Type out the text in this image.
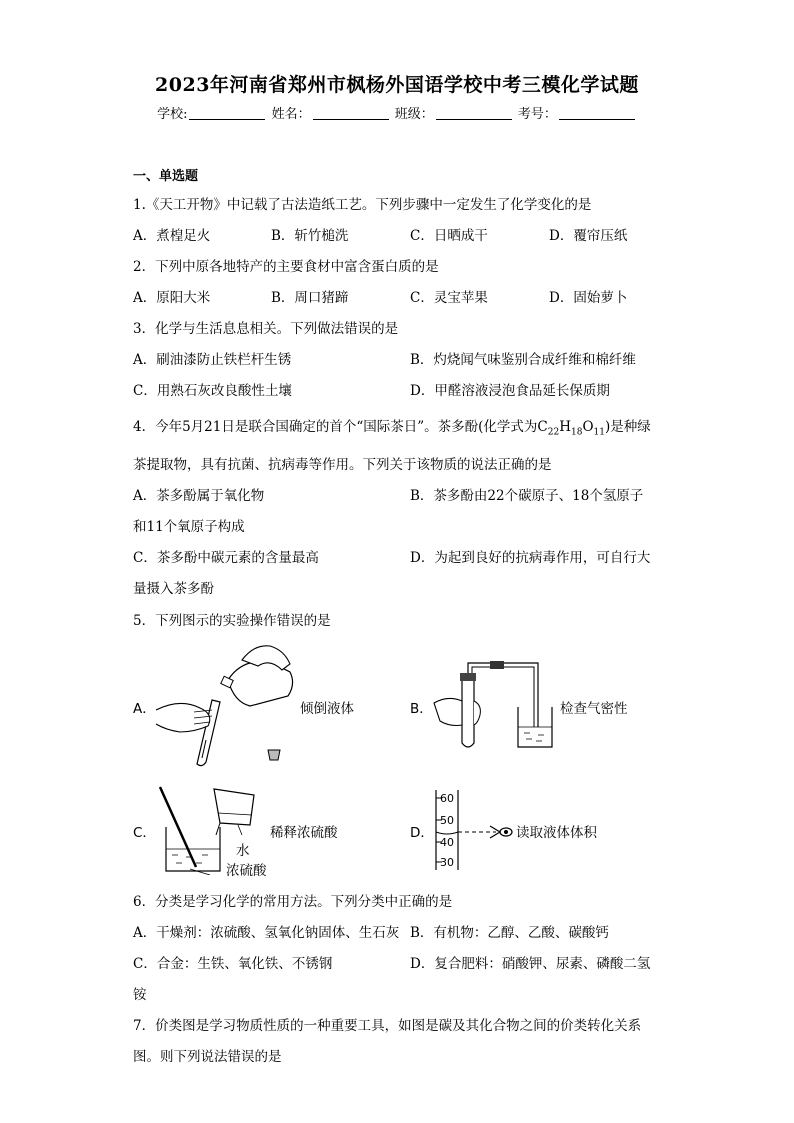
2023年河南省郑州市枫杨外国语学校中考三模化学试题
学校:	姓名：	班级：	考号：
一、单选题
1.《天工开物》中记载了古法造纸工艺。下列步骤中一定发生了化学变化的是
A．煮楻足火	B．斩竹槌洗	C．日晒成干	D．覆帘压纸
2．下列中原各地特产的主要食材中富含蛋白质的是
A．原阳大米	B．周口猪蹄	C．灵宝苹果	D．固始萝卜
3．化学与生活息息相关。下列做法错误的是
A．刷油漆防止铁栏杆生锈	B．灼烧闻气味鉴别合成纤维和棉纤维
C．用熟石灰改良酸性土壤	D．甲醛溶液浸泡食品延长保质期
4．今年5月21日是联合国确定的首个“国际茶日”。茶多酚(化学式为$C_{22}H_{18}O_{11}$)是种绿
茶提取物，具有抗菌、抗病毒等作用。下列关于该物质的说法正确的是
A．茶多酚属于氧化物	B．茶多酚由22个碳原子、18个氢原子
和11个氧原子构成
C．茶多酚中碳元素的含量最高	D．为起到良好的抗病毒作用，可自行大
量摄入茶多酚
5．下列图示的实验操作错误的是
A．	倾倒液体	B．	检查气密性
C．	稀释浓硫酸
水
浓硫酸
D．
60
50
40
30
读取液体体积
6．分类是学习化学的常用方法。下列分类中正确的是
A．干燥剂：浓硫酸、氢氧化钠固体、生石灰 B．有机物：乙醇、乙酸、碳酸钙
C．合金：生铁、氧化铁、不锈钢	D．复合肥料：硝酸钾、尿素、磷酸二氢
铵
7．价类图是学习物质性质的一种重要工具，如图是碳及其化合物之间的价类转化关系
图。则下列说法错误的是
